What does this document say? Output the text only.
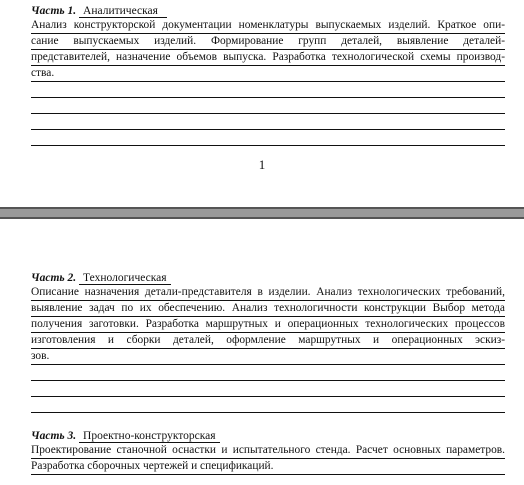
Часть 1. Аналитическая
Анализ конструкторской документации номенклатуры выпускаемых изделий. Краткое опи-
сание выпускаемых изделий. Формирование групп деталей, выявление деталей-
представителей, назначение объемов выпуска. Разработка технологической схемы производ-
ства.
1
Часть 2. Технологическая
Описание назначения детали-представителя в изделии. Анализ технологических требований,
выявление задач по их обеспечению. Анализ технологичности конструкции Выбор метода
получения заготовки. Разработка маршрутных и операционных технологических процессов
изготовления и сборки деталей, оформление маршрутных и операционных эскиз-
зов.
Часть 3. Проектно-конструкторская
Проектирование станочной оснастки и испытательного стенда. Расчет основных параметров.
Разработка сборочных чертежей и спецификаций.
